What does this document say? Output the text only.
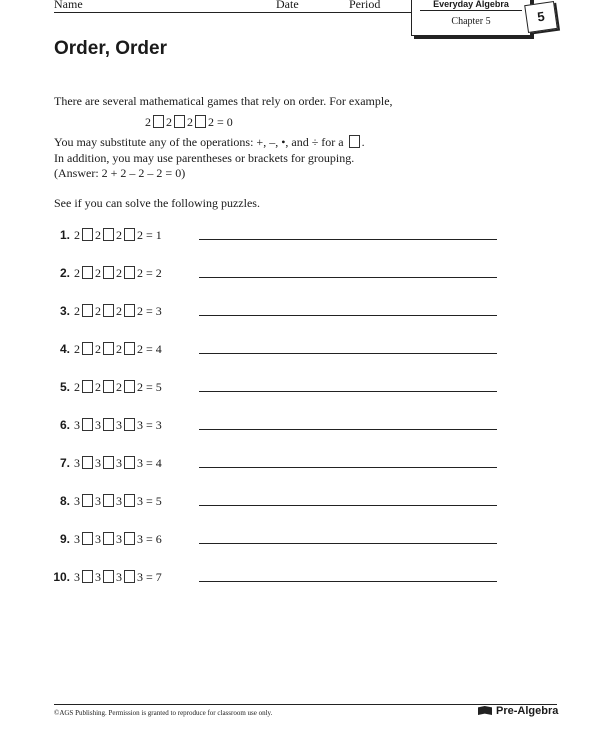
Name	Date	Period	Everyday Algebra
Chapter 5	5
Order, Order
There are several mathematical games that rely on order. For example,
2 2 2 2 = 0
You may substitute any of the operations: +, –, •, and ÷ for a .
In addition, you may use parentheses or brackets for grouping.
(Answer: 2 + 2 – 2 – 2 = 0)
See if you can solve the following puzzles.
1. 2 2 2 2 = 1
2. 2 2 2 2 = 2
3. 2 2 2 2 = 3
4. 2 2 2 2 = 4
5. 2 2 2 2 = 5
6. 3 3 3 3 = 3
7. 3 3 3 3 = 4
8. 3 3 3 3 = 5
9. 3 3 3 3 = 6
10. 3 3 3 3 = 7
©AGS Publishing. Permission is granted to reproduce for classroom use only.	Pre-Algebra
